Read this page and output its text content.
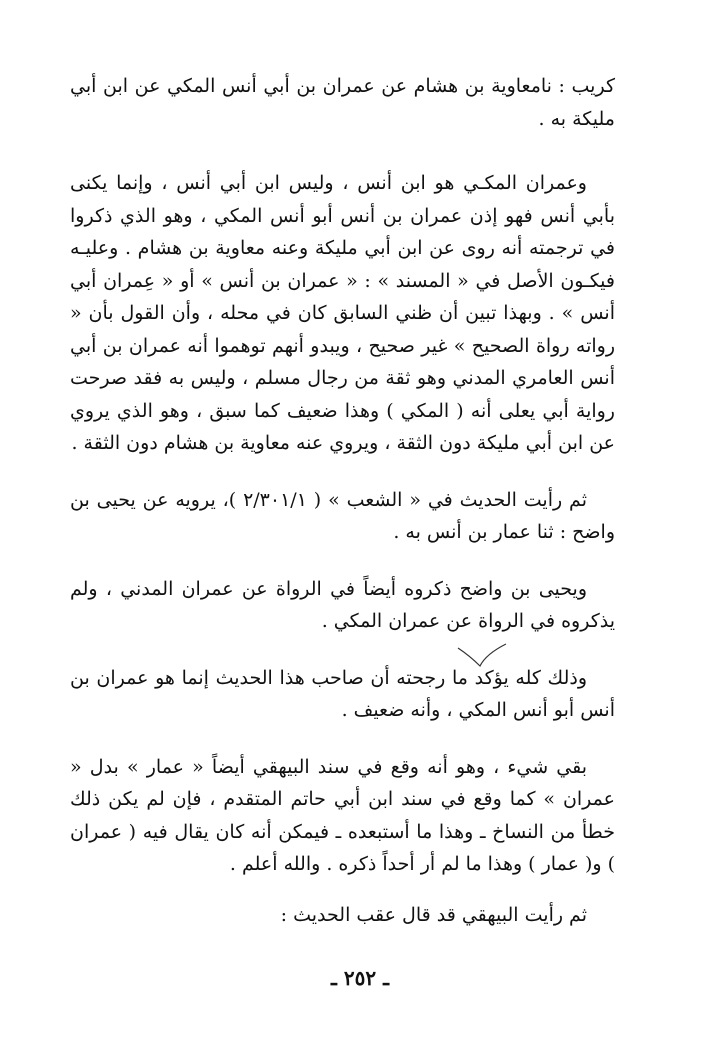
كريب : نامعاوية بن هشام عن عمران بن أبي أنس المكي عن ابن أبي مليكة به .

وعمران المكـي هو ابن أنس ، وليس ابن أبي أنس ، وإنما يكنى بأبي أنس فهو إذن عمران بن أنس أبو أنس المكي ، وهو الذي ذكروا في ترجمته أنه روى عن ابن أبي مليكة وعنه معاوية بن هشام . وعليـه فيكـون الأصل في « المسند » : « عمران بن أنس » أو « عِمران أبي أنس » . وبهذا تبين أن ظني السابق كان في محله ، وأن القول بأن « رواته رواة الصحيح » غير صحيح ، ويبدو أنهم توهموا أنه عمران بن أبي أنس العامري المدني وهو ثقة من رجال مسلم ، وليس به فقد صرحت رواية أبي يعلى أنه ( المكي ) وهذا ضعيف كما سبق ، وهو الذي يروي عن ابن أبي مليكة دون الثقة ، ويروي عنه معاوية بن هشام دون الثقة .

ثم رأيت الحديث في « الشعب » ( ٢/٣٠١/١ )، يرويه عن يحيى بن واضح : ثنا عمار بن أنس به .

ويحيى بن واضح ذكروه أيضاً في الرواة عن عمران المدني ، ولم يذكروه في الرواة عن عمران المكي .

وذلك كله يؤكد ما رجحته أن صاحب هذا الحديث إنما هو عمران بن أنس أبو أنس المكي ، وأنه ضعيف .

بقي شيء ، وهو أنه وقع في سند البيهقي أيضاً « عمار » بدل « عمران » كما وقع في سند ابن أبي حاتم المتقدم ، فإن لم يكن ذلك خطأ من النساخ ـ وهذا ما أستبعده ـ فيمكن أنه كان يقال فيه ( عمران ) و( عمار ) وهذا ما لم أر أحداً ذكره . والله أعلم .

ثم رأيت البيهقي قد قال عقب الحديث :

ـ ٢٥٢ ـ
